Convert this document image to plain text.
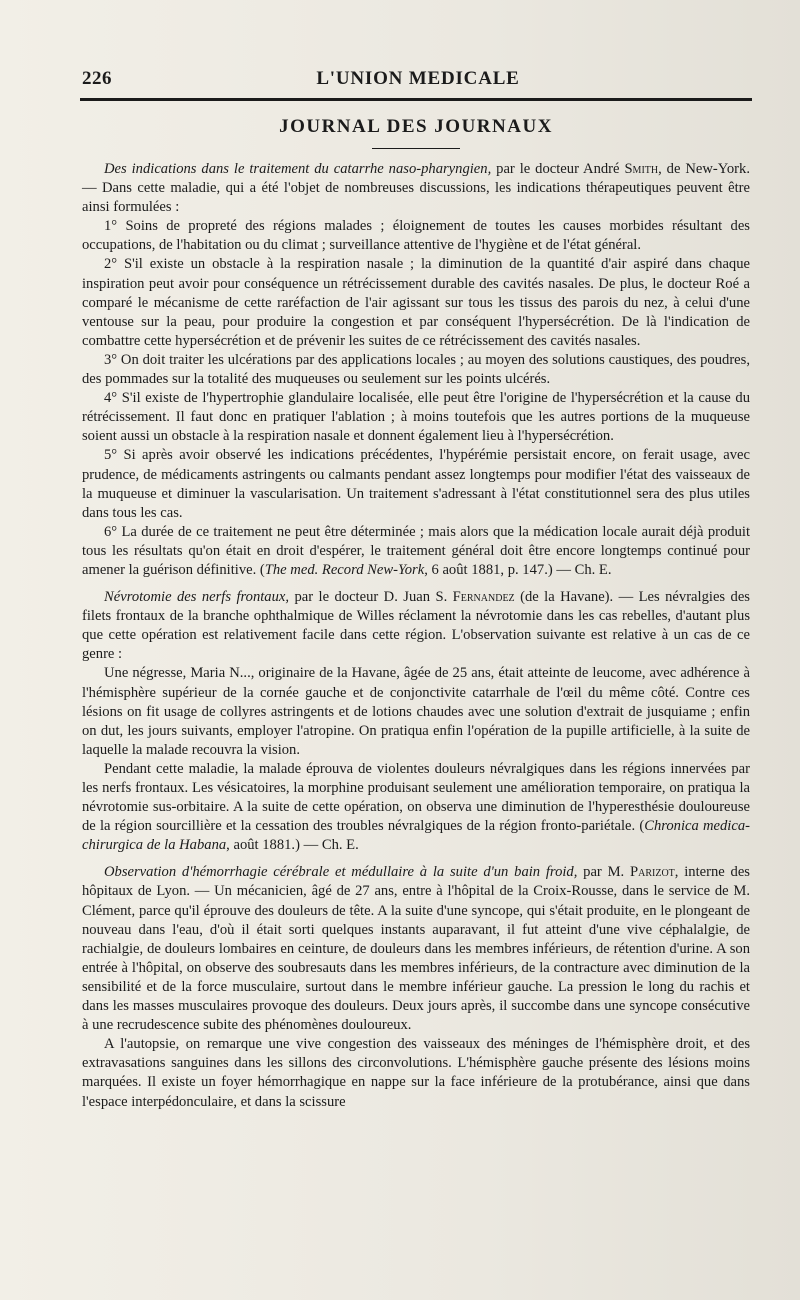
226	L'UNION MEDICALE
JOURNAL DES JOURNAUX

Des indications dans le traitement du catarrhe naso-pharyngien, par le docteur André Smith, de New-York. — Dans cette maladie, qui a été l'objet de nombreuses discussions, les indications thérapeutiques peuvent être ainsi formulées :

1° Soins de propreté des régions malades ; éloignement de toutes les causes morbides résultant des occupations, de l'habitation ou du climat ; surveillance attentive de l'hygiène et de l'état général.

2° S'il existe un obstacle à la respiration nasale ; la diminution de la quantité d'air aspiré dans chaque inspiration peut avoir pour conséquence un rétrécissement durable des cavités nasales. De plus, le docteur Roé a comparé le mécanisme de cette raréfaction de l'air agissant sur tous les tissus des parois du nez, à celui d'une ventouse sur la peau, pour produire la congestion et par conséquent l'hypersécrétion. De là l'indication de combattre cette hypersécrétion et de prévenir les suites de ce rétrécissement des cavités nasales.

3° On doit traiter les ulcérations par des applications locales ; au moyen des solutions caustiques, des poudres, des pommades sur la totalité des muqueuses ou seulement sur les points ulcérés.

4° S'il existe de l'hypertrophie glandulaire localisée, elle peut être l'origine de l'hypersécrétion et la cause du rétrécissement. Il faut donc en pratiquer l'ablation ; à moins toutefois que les autres portions de la muqueuse soient aussi un obstacle à la respiration nasale et donnent également lieu à l'hypersécrétion.

5° Si après avoir observé les indications précédentes, l'hypérémie persistait encore, on ferait usage, avec prudence, de médicaments astringents ou calmants pendant assez longtemps pour modifier l'état des vaisseaux de la muqueuse et diminuer la vascularisation. Un traitement s'adressant à l'état constitutionnel sera des plus utiles dans tous les cas.

6° La durée de ce traitement ne peut être déterminée ; mais alors que la médication locale aurait déjà produit tous les résultats qu'on était en droit d'espérer, le traitement général doit être encore longtemps continué pour amener la guérison définitive. (The med. Record New-York, 6 août 1881, p. 147.) — Ch. E.

Névrotomie des nerfs frontaux, par le docteur D. Juan S. Fernandez (de la Havane). — Les névralgies des filets frontaux de la branche ophthalmique de Willes réclament la névrotomie dans les cas rebelles, d'autant plus que cette opération est relativement facile dans cette région. L'observation suivante est relative à un cas de ce genre :

Une négresse, Maria N..., originaire de la Havane, âgée de 25 ans, était atteinte de leucome, avec adhérence à l'hémisphère supérieur de la cornée gauche et de conjonctivite catarrhale de l'œil du même côté. Contre ces lésions on fit usage de collyres astringents et de lotions chaudes avec une solution d'extrait de jusquiame ; enfin on dut, les jours suivants, employer l'atropine. On pratiqua enfin l'opération de la pupille artificielle, à la suite de laquelle la malade recouvra la vision.

Pendant cette maladie, la malade éprouva de violentes douleurs névralgiques dans les régions innervées par les nerfs frontaux. Les vésicatoires, la morphine produisant seulement une amélioration temporaire, on pratiqua la névrotomie sus-orbitaire. A la suite de cette opération, on observa une diminution de l'hyperesthésie douloureuse de la région sourcillière et la cessation des troubles névralgiques de la région fronto-pariétale. (Chronica medica-chirurgica de la Habana, août 1881.) — Ch. E.

Observation d'hémorrhagie cérébrale et médullaire à la suite d'un bain froid, par M. Parizot, interne des hôpitaux de Lyon. — Un mécanicien, âgé de 27 ans, entre à l'hôpital de la Croix-Rousse, dans le service de M. Clément, parce qu'il éprouve des douleurs de tête. A la suite d'une syncope, qui s'était produite, en le plongeant de nouveau dans l'eau, d'où il était sorti quelques instants auparavant, il fut atteint d'une vive céphalalgie, de rachialgie, de douleurs lombaires en ceinture, de douleurs dans les membres inférieurs, de rétention d'urine. A son entrée à l'hôpital, on observe des soubresauts dans les membres inférieurs, de la contracture avec diminution de la sensibilité et de la force musculaire, surtout dans le membre inférieur gauche. La pression le long du rachis et dans les masses musculaires provoque des douleurs. Deux jours après, il succombe dans une syncope consécutive à une recrudescence subite des phénomènes douloureux.

A l'autopsie, on remarque une vive congestion des vaisseaux des méninges de l'hémisphère droit, et des extravasations sanguines dans les sillons des circonvolutions. L'hémisphère gauche présente des lésions moins marquées. Il existe un foyer hémorrhagique en nappe sur la face inférieure de la protubérance, ainsi que dans l'espace interpédonculaire, et dans la scissure
